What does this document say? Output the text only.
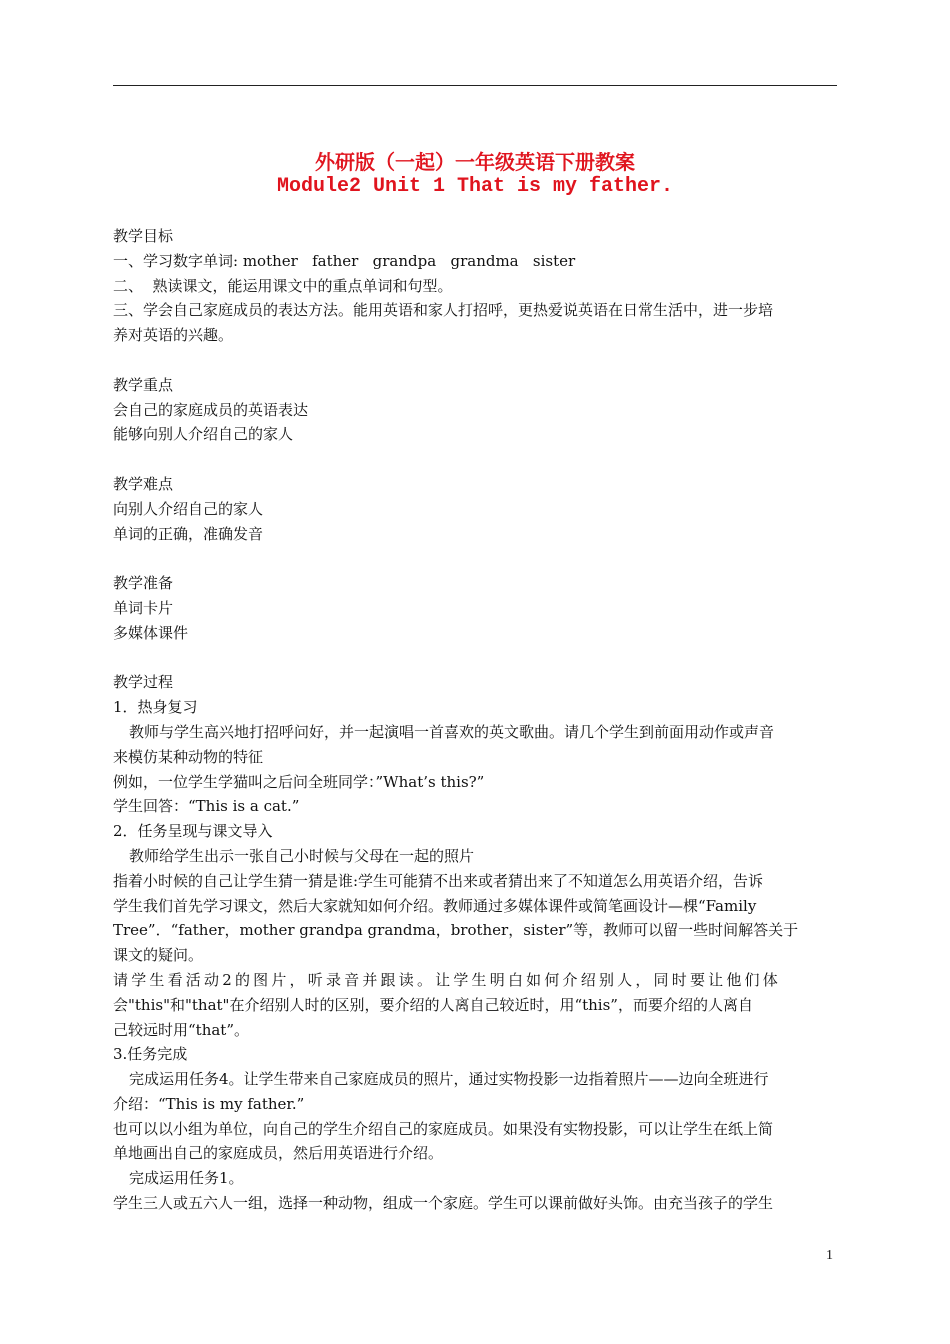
外研版（一起）一年级英语下册教案
Module2 Unit 1 That is my father.
教学目标
一、学习数字单词: mother   father   grandpa   grandma   sister
二、  熟读课文，能运用课文中的重点单词和句型。
三、学会自己家庭成员的表达方法。能用英语和家人打招呼，更热爱说英语在日常生活中，进一步培
养对英语的兴趣。
教学重点
会自己的家庭成员的英语表达
能够向别人介绍自己的家人
教学难点
向别人介绍自己的家人
单词的正确，准确发音
教学准备
单词卡片
多媒体课件
教学过程
1．热身复习
教师与学生高兴地打招呼问好，并一起演唱一首喜欢的英文歌曲。请几个学生到前面用动作或声音
来模仿某种动物的特征
例如，一位学生学猫叫之后问全班同学：”What’s this?”
学生回答：“This is a cat.”
2．任务呈现与课文导入
教师给学生出示一张自己小时候与父母在一起的照片
指着小时候的自己让学生猜一猜是谁:学生可能猜不出来或者猜出来了不知道怎么用英语介绍，告诉
学生我们首先学习课文，然后大家就知如何介绍。教师通过多媒体课件或简笔画设计—棵“Family
Tree”．“father，mother grandpa grandma，brother，sister”等，教师可以留一些时间解答关于
课文的疑问。
请学生看活动2的图片，听录音并跟读。让学生明白如何介绍别人，同时要让他们体
会"this"和"that"在介绍别人时的区别，要介绍的人离自己较近时，用“this”，而要介绍的人离自
己较远时用“that”。
3.任务完成
完成运用任务4。让学生带来自己家庭成员的照片，通过实物投影一边指着照片——边向全班进行
介绍：“This is my father.”
也可以以小组为单位，向自己的学生介绍自己的家庭成员。如果没有实物投影，可以让学生在纸上简
单地画出自己的家庭成员，然后用英语进行介绍。
完成运用任务1。
学生三人或五六人一组，选择一种动物，组成一个家庭。学生可以课前做好头饰。由充当孩子的学生
1
